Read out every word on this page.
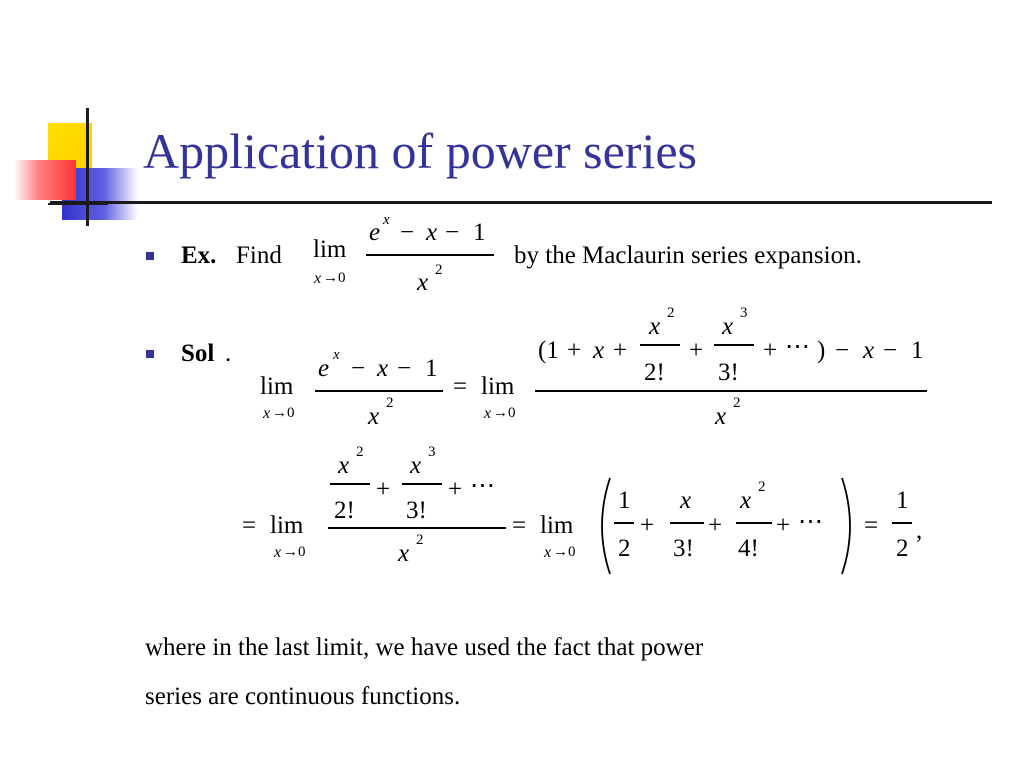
Application of power series
Ex. Find lim
x →0
e x − x − 1
x 2
by the Maclaurin series expansion.
Sol .
lim
x →0
e x − x − 1
x 2
= lim
x →0
(1 + x +
x 2
2!
+
x 3
3!
+ ⋯ ) − x − 1
x 2
= lim
x →0
x 2
2!
+
x 3
3!
+ ⋯
x 2
= lim
x →0
1
2
+
x
3!
+
x 2
4!
+ ⋯ =
1
2
,
where in the last limit, we have used the fact that power
series are continuous functions.
